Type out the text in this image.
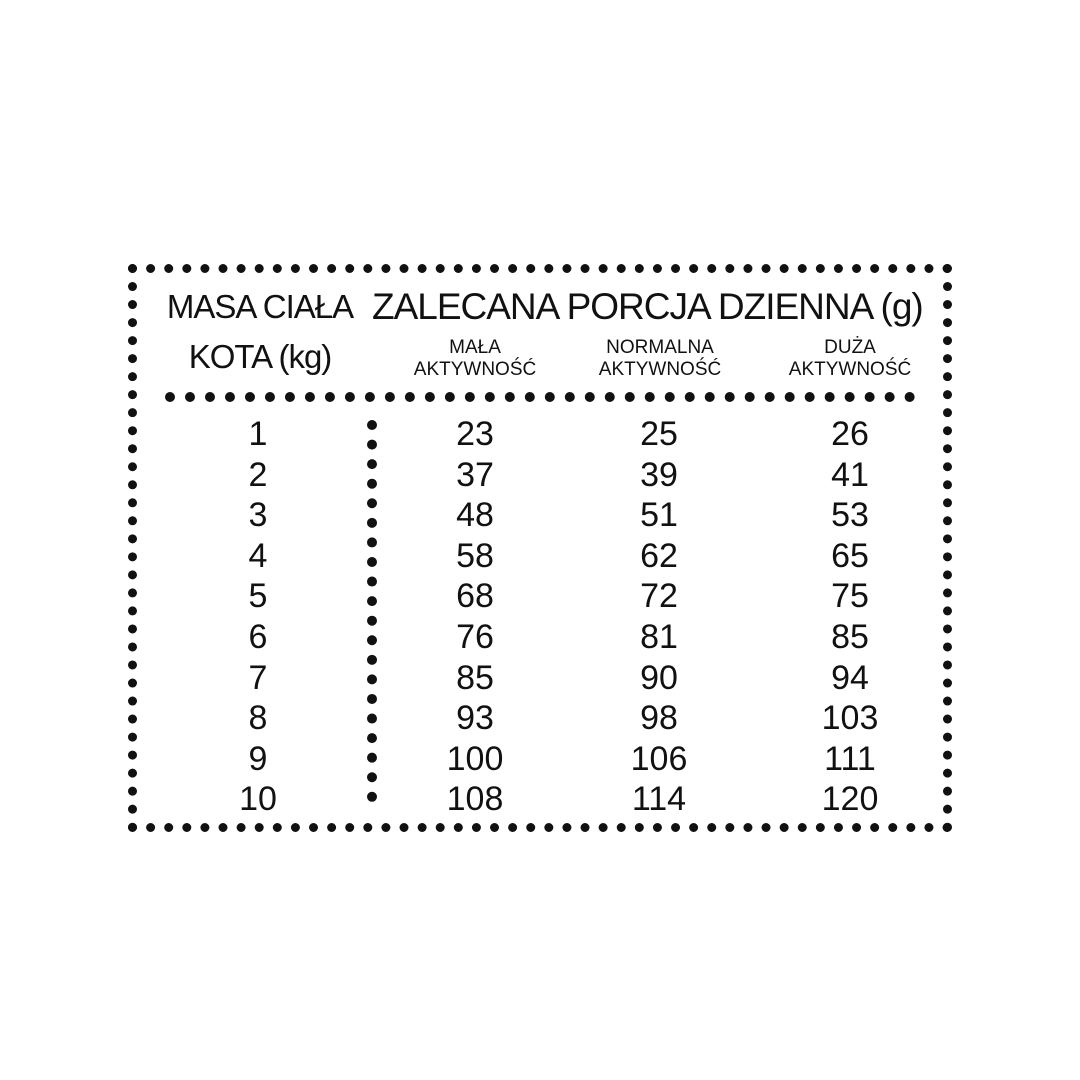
MASA CIAŁA
KOTA (kg)
ZALECANA PORCJA DZIENNA (g)
MAŁA
AKTYWNOŚĆ
NORMALNA
AKTYWNOŚĆ
DUŻA
AKTYWNOŚĆ
1
2
3
4
5
6
7
8
9
10
23
37
48
58
68
76
85
93
100
108
25
39
51
62
72
81
90
98
106
114
26
41
53
65
75
85
94
103
111
120
